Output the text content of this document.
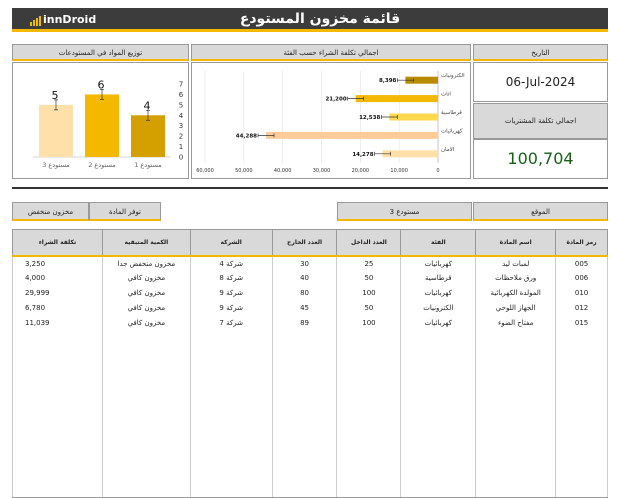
innDroid	قائمة مخزون المستودع
توزيع المواد في المستودعات
0
1
2
3
4
5
6
7
5
مستودع 3
6
مستودع 2
4
مستودع 1
اجمالي تكلفة الشراء حسب الفئة
60,000	50,000	40,000	30,000	20,000	10,000	0
8,398
الكترونيات
21,200
اثاث
12,538
قرطاسية
44,288
كهربائيات
14,278
الامان
التاريخ
06-Jul-2024
اجمالي تكلفة المشتريات
100,704
الموقع
مستودع 3
توفر المادة
مخزون منخفض
رمز المادة	اسم المادة	الفئة	العدد الداخل	العدد الخارج	الشركة	الكمية المتبقية	تكلفة الشراء
005	لمبات ليد	كهربائيات	25	30	شركة 4	مخزون منخفض جدا	3,250
006	ورق ملاحظات	قرطاسية	50	40	شركة 8	مخزون كافي	4,000
010	المولدة الكهربائية	كهربائيات	100	80	شركة 9	مخزون كافي	29,999
012	الجهاز اللوحي	الكترونيات	50	45	شركة 9	مخزون كافي	6,780
015	مفتاح الضوء	كهربائيات	100	89	شركة 7	مخزون كافي	11,039
